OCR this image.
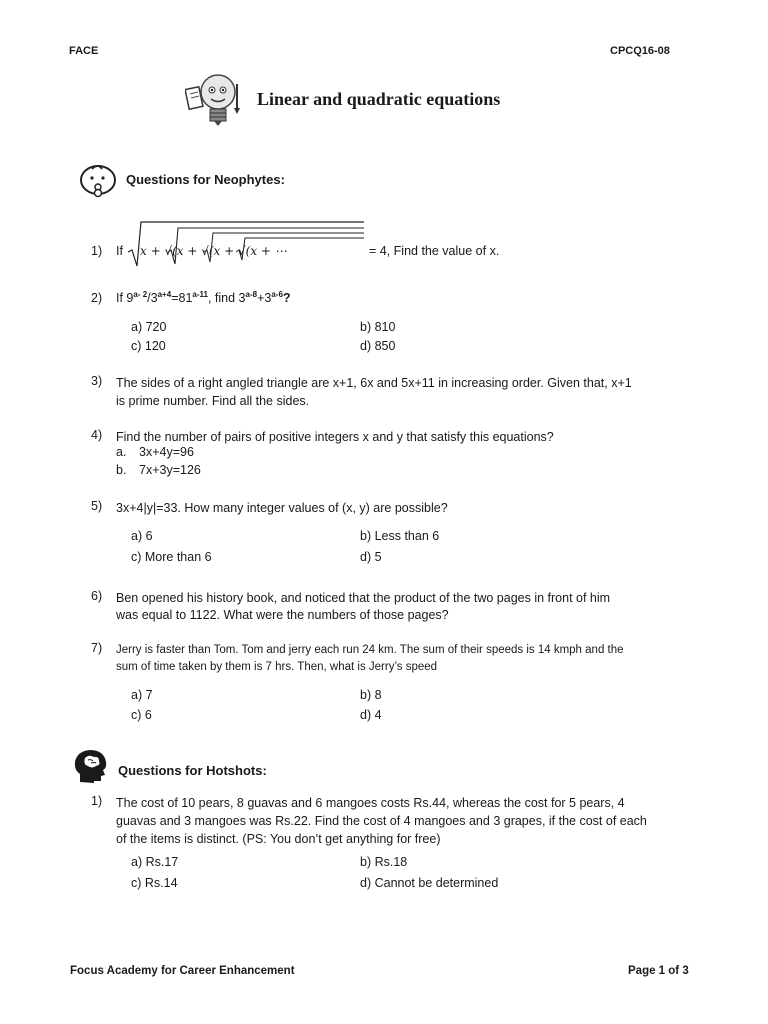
FACE	CPCQ16-08
Linear and quadratic equations
Questions for Neophytes:
1)	If x + √(x + √(x + √(x + ⋯	= 4, Find the value of x.
2)	If $9^{a- 2}/3^{a+4}=81^{a-11}$, find $3^{a-8}+3^{a-6}$?
a) 720	b) 810
c) 120	d) 850
3)	The sides of a right angled triangle are x+1, 6x and 5x+11 in increasing order. Given that, x+1
is prime number. Find all the sides.
4)	Find the number of pairs of positive integers x and y that satisfy this equations?
a. 3x+4y=96
b. 7x+3y=126
5)	3x+4|y|=33. How many integer values of (x, y) are possible?
a) 6	b) Less than 6
c) More than 6	d) 5
6)	Ben opened his history book, and noticed that the product of the two pages in front of him
was equal to 1122. What were the numbers of those pages?
7)	Jerry is faster than Tom. Tom and jerry each run 24 km. The sum of their speeds is 14 kmph and the
sum of time taken by them is 7 hrs. Then, what is Jerry’s speed
a) 7	b) 8
c) 6	d) 4
Questions for Hotshots:
1)	The cost of 10 pears, 8 guavas and 6 mangoes costs Rs.44, whereas the cost for 5 pears, 4
guavas and 3 mangoes was Rs.22. Find the cost of 4 mangoes and 3 grapes, if the cost of each
of the items is distinct. (PS: You don’t get anything for free)
a) Rs.17	b) Rs.18
c) Rs.14	d) Cannot be determined
Focus Academy for Career Enhancement	Page 1 of 3
